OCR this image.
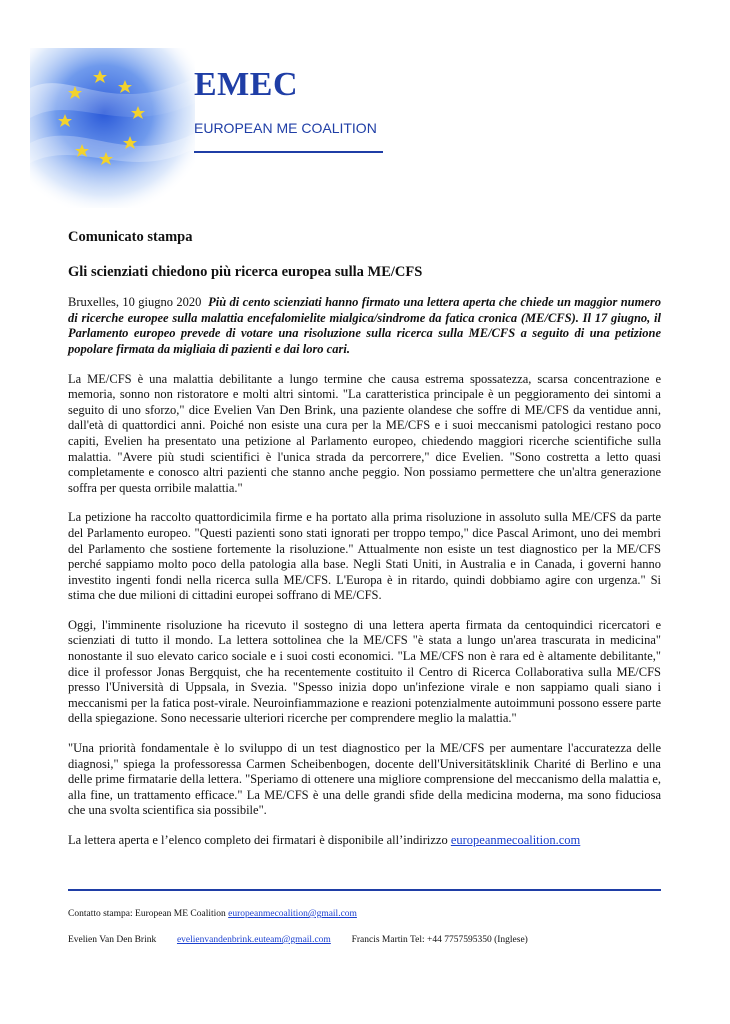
EMEC
EUROPEAN ME COALITION

Comunicato stampa

Gli scienziati chiedono più ricerca europea sulla ME/CFS

Bruxelles, 10 giugno 2020 Più di cento scienziati hanno firmato una lettera aperta che chiede un maggior numero di ricerche europee sulla malattia encefalomielite mialgica/sindrome da fatica cronica (ME/CFS). Il 17 giugno, il Parlamento europeo prevede di votare una risoluzione sulla ricerca sulla ME/CFS a seguito di una petizione popolare firmata da migliaia di pazienti e dai loro cari.

La ME/CFS è una malattia debilitante a lungo termine che causa estrema spossatezza, scarsa concentrazione e memoria, sonno non ristoratore e molti altri sintomi. "La caratteristica principale è un peggioramento dei sintomi a seguito di uno sforzo," dice Evelien Van Den Brink, una paziente olandese che soffre di ME/CFS da ventidue anni, dall'età di quattordici anni. Poiché non esiste una cura per la ME/CFS e i suoi meccanismi patologici restano poco capiti, Evelien ha presentato una petizione al Parlamento europeo, chiedendo maggiori ricerche scientifiche sulla malattia. "Avere più studi scientifici è l'unica strada da percorrere," dice Evelien. "Sono costretta a letto quasi completamente e conosco altri pazienti che stanno anche peggio. Non possiamo permettere che un'altra generazione soffra per questa orribile malattia."

La petizione ha raccolto quattordicimila firme e ha portato alla prima risoluzione in assoluto sulla ME/CFS da parte del Parlamento europeo. "Questi pazienti sono stati ignorati per troppo tempo," dice Pascal Arimont, uno dei membri del Parlamento che sostiene fortemente la risoluzione." Attualmente non esiste un test diagnostico per la ME/CFS perché sappiamo molto poco della patologia alla base. Negli Stati Uniti, in Australia e in Canada, i governi hanno investito ingenti fondi nella ricerca sulla ME/CFS. L'Europa è in ritardo, quindi dobbiamo agire con urgenza." Si stima che due milioni di cittadini europei soffrano di ME/CFS.

Oggi, l'imminente risoluzione ha ricevuto il sostegno di una lettera aperta firmata da centoquindici ricercatori e scienziati di tutto il mondo. La lettera sottolinea che la ME/CFS "è stata a lungo un'area trascurata in medicina" nonostante il suo elevato carico sociale e i suoi costi economici. "La ME/CFS non è rara ed è altamente debilitante," dice il professor Jonas Bergquist, che ha recentemente costituito il Centro di Ricerca Collaborativa sulla ME/CFS presso l'Università di Uppsala, in Svezia. "Spesso inizia dopo un'infezione virale e non sappiamo quali siano i meccanismi per la fatica post-virale. Neuroinfiammazione e reazioni potenzialmente autoimmuni possono essere parte della spiegazione. Sono necessarie ulteriori ricerche per comprendere meglio la malattia."

"Una priorità fondamentale è lo sviluppo di un test diagnostico per la ME/CFS per aumentare l'accuratezza delle diagnosi," spiega la professoressa Carmen Scheibenbogen, docente dell'Universitätsklinik Charité di Berlino e una delle prime firmatarie della lettera. "Speriamo di ottenere una migliore comprensione del meccanismo della malattia e, alla fine, un trattamento efficace." La ME/CFS è una delle grandi sfide della medicina moderna, ma sono fiduciosa che una svolta scientifica sia possibile".

La lettera aperta e l’elenco completo dei firmatari è disponibile all’indirizzo europeanmecoalition.com

Contatto stampa: European ME Coalition europeanmecoalition@gmail.com
Evelien Van Den Brink evelienvandenbrink.euteam@gmail.com Francis Martin Tel: +44 7757595350 (Inglese)
